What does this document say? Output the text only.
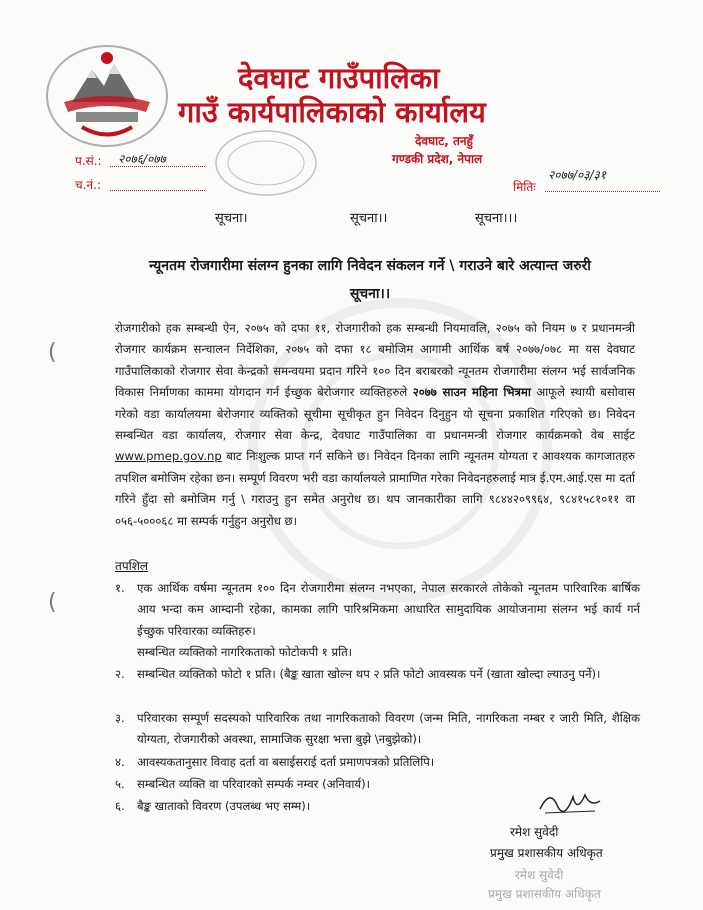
देवघाट गाउँपालिका
गाउँ कार्यपालिकाको कार्यालय
देवघाट, तनहुँ
गण्डकी प्रदेश, नेपाल
प.सं.: २०७६/०७७
च.नं.:	मितिः
२०७७/०३/३१
सूचना।	सूचना।।	सूचना।।।
न्यूनतम रोजगारीमा संलग्न हुनका लागि निवेदन संकलन गर्ने \ गराउने बारे अत्यान्त जरुरी
सूचना।।
रोजगारीको हक सम्बन्धी ऐन, २०७५ को दफा ११, रोजगारीको हक सम्बन्धी नियमावलि, २०७५ को नियम ७ र प्रधानमन्त्री रोजगार कार्यक्रम सन्चालन निर्देशिका, २०७५ को दफा १८ बमोजिम आगामी आर्थिक बर्ष २०७७/०७८ मा यस देवघाट गाउँपालिकाको रोजगार सेवा केन्द्रको समन्वयमा प्रदान गरिने १०० दिन बराबरको न्यूनतम रोजगारीमा संलग्न भई सार्वजनिक विकास निर्माणका काममा योगदान गर्न ईच्छुक बेरोजगार व्यक्तिहरुले २०७७ साउन महिना भित्रमा आफूले स्थायी बसोवास गरेको वडा कार्यालयमा बेरोजगार व्यक्तिको सूचीमा सूचीकृत हुन निवेदन दिनुहुन यो सूचना प्रकाशित गरिएको छ। निवेदन सम्बन्धित वडा कार्यालय, रोजगार सेवा केन्द्र, देवघाट गाउँपालिका वा प्रधानमन्त्री रोजगार कार्यक्रमको वेब साईट www.pmep.gov.np बाट निःशुल्क प्राप्त गर्न सकिने छ। निवेदन दिनका लागि न्यूनतम योग्यता र आवश्यक कागजातहरु तपशिल बमोजिम रहेका छन। सम्पूर्ण विवरण भरी वडा कार्यालयले प्रामाणित गरेका निवेदनहरुलाई मात्र ई.एम.आई.एस मा दर्ता गरिने हुँदा सो बमोजिम गर्नु \ गराउनु हुन समेत अनुरोध छ। थप जानकारीका लागि ९८४४२०९९६४, ९८४१५८१०११ वा ०५६-५०००६८ मा सम्पर्क गर्नुहुन अनुरोध छ।
तपशिल
१. एक आर्थिक वर्षमा न्यूनतम १०० दिन रोजगारीमा संलग्न नभएका, नेपाल सरकारले तोकेको न्यूनतम पारिवारिक बार्षिक आय भन्दा कम आम्दानी रहेका, कामका लागि पारिश्रमिकमा आधारित सामुदायिक आयोजनामा संलग्न भई कार्य गर्न ईच्छुक परिवारका व्यक्तिहरु।
सम्बन्धित व्यक्तिको नागरिकताको फोटोकपी १ प्रति।
२. सम्बन्धित व्यक्तिको फोटो १ प्रति। (बैङ्क खाता खोल्न थप २ प्रति फोटो आवस्यक पर्ने (खाता खोल्दा ल्याउनु पर्ने)।
३. परिवारका सम्पूर्ण सदस्यको पारिवारिक तथा नागरिकताको विवरण (जन्म मिति, नागरिकता नम्बर र जारी मिति, शैक्षिक योग्यता, रोजगारीको अवस्था, सामाजिक सुरक्षा भत्ता बुझे \नबुझेको)।
४. आवस्यकतानुसार विवाह दर्ता वा बसाईसराई दर्ता प्रमाणपत्रको प्रतिलिपि।
५. सम्बन्धित व्यक्ति वा परिवारको सम्पर्क नम्वर (अनिवार्य)।
६. बैङ्क खाताको विवरण (उपलब्ध भए सम्म)।
रमेश सुवेदी
प्रमुख प्रशासकीय अधिकृत
रमेश सुवेदी
प्रमुख प्रशासकीय अधिकृत
(
(
